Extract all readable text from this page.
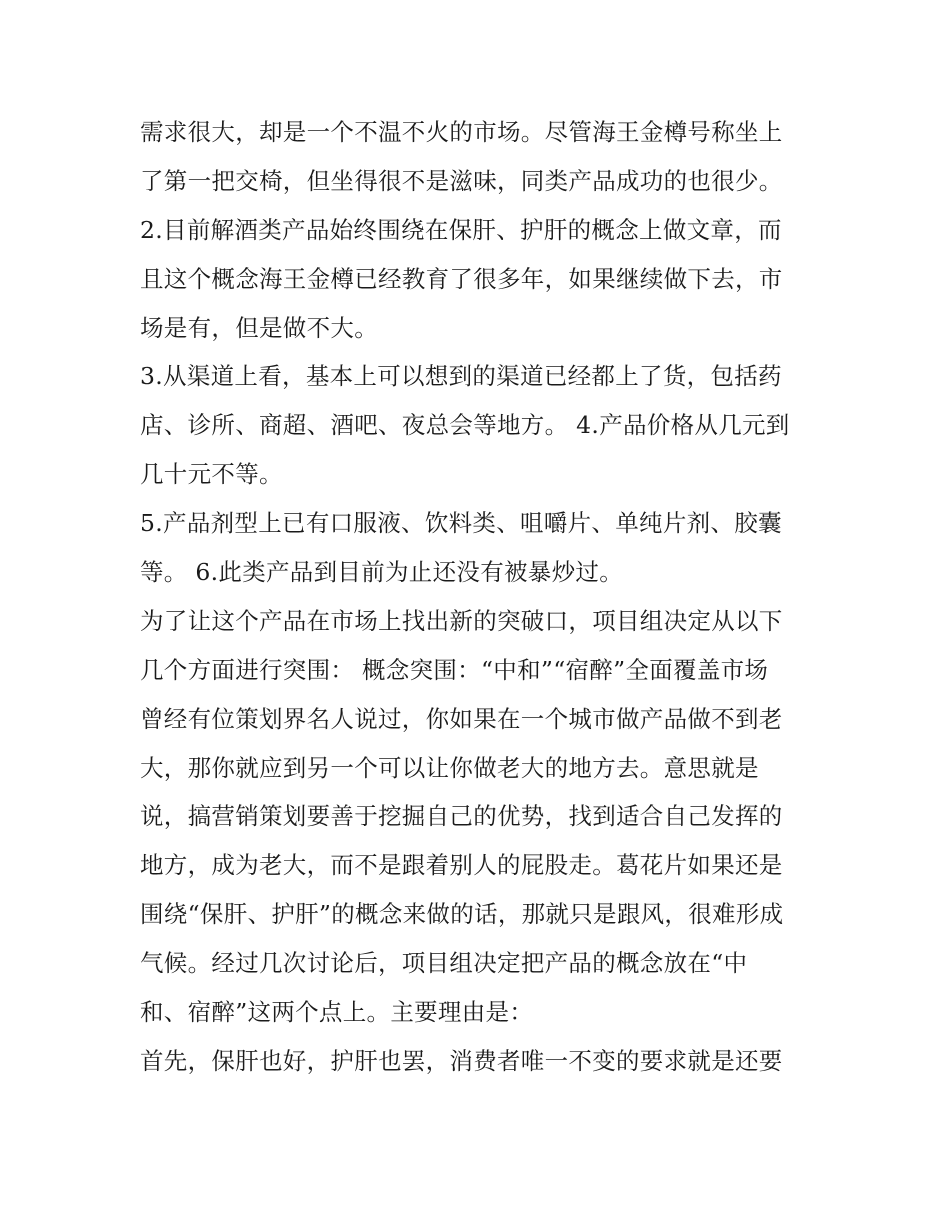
需求很大，却是一个不温不火的市场。尽管海王金樽号称坐上
了第一把交椅，但坐得很不是滋味，同类产品成功的也很少。
2.目前解酒类产品始终围绕在保肝、护肝的概念上做文章，而
且这个概念海王金樽已经教育了很多年，如果继续做下去，市
场是有，但是做不大。
3.从渠道上看，基本上可以想到的渠道已经都上了货，包括药
店、诊所、商超、酒吧、夜总会等地方。 4.产品价格从几元到
几十元不等。
5.产品剂型上已有口服液、饮料类、咀嚼片、单纯片剂、胶囊
等。 6.此类产品到目前为止还没有被暴炒过。
为了让这个产品在市场上找出新的突破口，项目组决定从以下
几个方面进行突围： 概念突围：“中和”“宿醉”全面覆盖市场
曾经有位策划界名人说过，你如果在一个城市做产品做不到老
大，那你就应到另一个可以让你做老大的地方去。意思就是
说，搞营销策划要善于挖掘自己的优势，找到适合自己发挥的
地方，成为老大，而不是跟着别人的屁股走。葛花片如果还是
围绕“保肝、护肝”的概念来做的话，那就只是跟风，很难形成
气候。经过几次讨论后，项目组决定把产品的概念放在“中
和、宿醉”这两个点上。主要理由是：
首先，保肝也好，护肝也罢，消费者唯一不变的要求就是还要
